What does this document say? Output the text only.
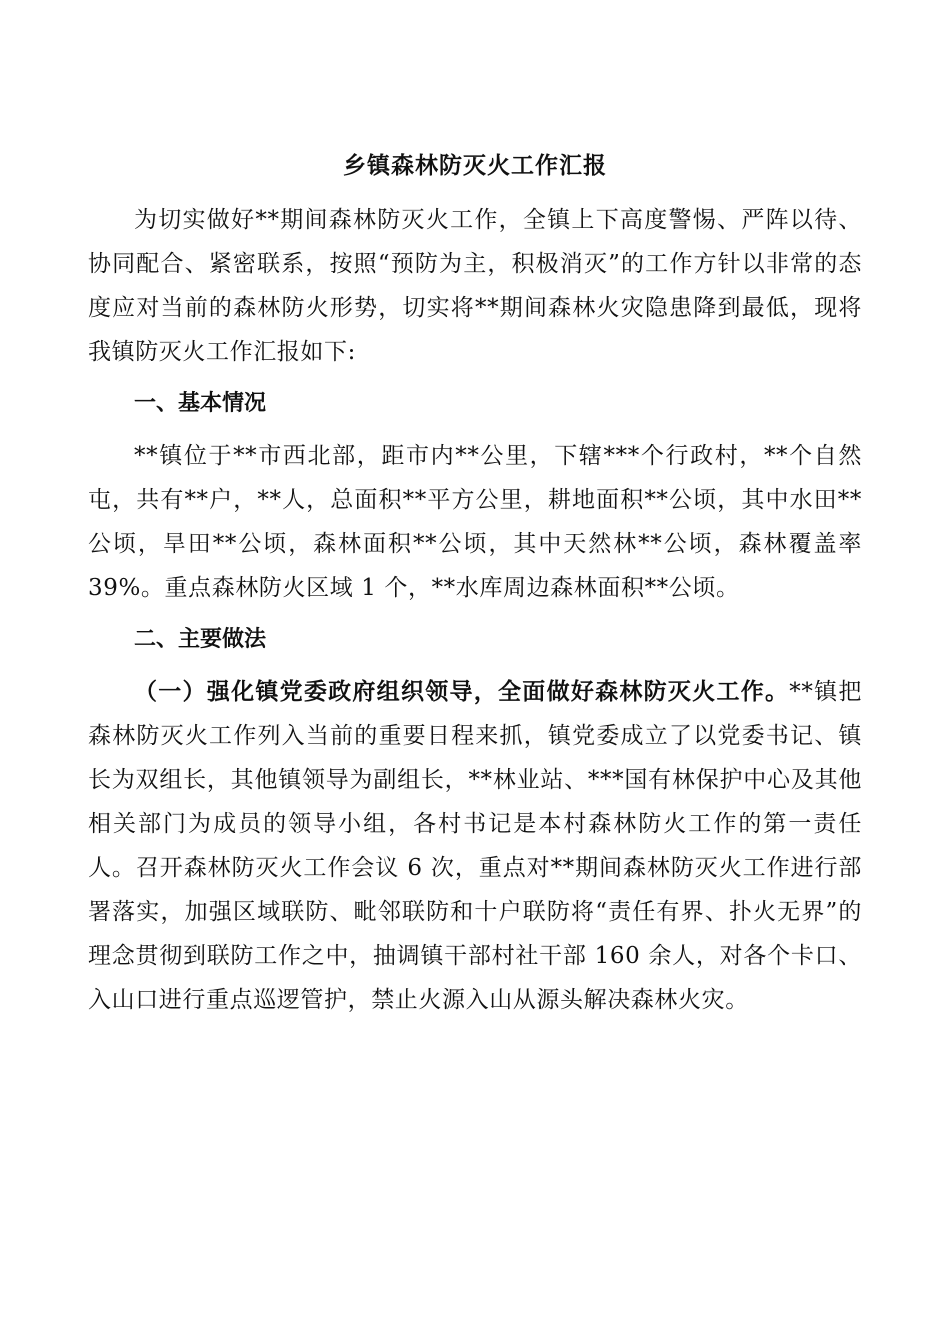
乡镇森林防灭火工作汇报

为切实做好**期间森林防灭火工作，全镇上下高度警惕、严阵以待、协同配合、紧密联系，按照“预防为主，积极消灭”的工作方针以非常的态度应对当前的森林防火形势，切实将**期间森林火灾隐患降到最低，现将我镇防灭火工作汇报如下:

一、基本情况

**镇位于**市西北部，距市内**公里，下辖***个行政村，**个自然屯，共有**户，**人，总面积**平方公里，耕地面积**公顷，其中水田**公顷，旱田**公顷，森林面积**公顷，其中天然林**公顷，森林覆盖率 39%。重点森林防火区域 1 个，**水库周边森林面积**公顷。

二、主要做法

（一）强化镇党委政府组织领导，全面做好森林防灭火工作。**镇把森林防灭火工作列入当前的重要日程来抓，镇党委成立了以党委书记、镇长为双组长，其他镇领导为副组长，**林业站、***国有林保护中心及其他相关部门为成员的领导小组，各村书记是本村森林防火工作的第一责任人。召开森林防灭火工作会议 6 次，重点对**期间森林防灭火工作进行部署落实，加强区域联防、毗邻联防和十户联防将“责任有界、扑火无界”的理念贯彻到联防工作之中，抽调镇干部村社干部 160 余人，对各个卡口、入山口进行重点巡逻管护，禁止火源入山从源头解决森林火灾。
